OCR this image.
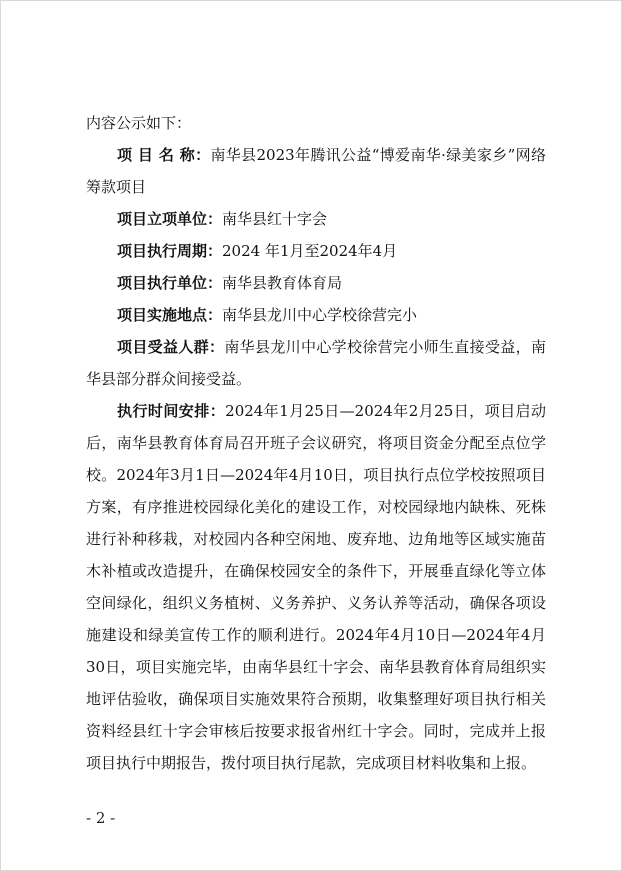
内容公示如下：

项 目 名 称：南华县2023年腾讯公益“博爱南华·绿美家乡”网络筹款项目

项目立项单位：南华县红十字会

项目执行周期：2024 年1月至2024年4月

项目执行单位：南华县教育体育局

项目实施地点：南华县龙川中心学校徐营完小

项目受益人群：南华县龙川中心学校徐营完小师生直接受益，南华县部分群众间接受益。

执行时间安排：2024年1月25日—2024年2月25日，项目启动后，南华县教育体育局召开班子会议研究，将项目资金分配至点位学校。2024年3月1日—2024年4月10日，项目执行点位学校按照项目方案，有序推进校园绿化美化的建设工作，对校园绿地内缺株、死株进行补种移栽，对校园内各种空闲地、废弃地、边角地等区域实施苗木补植或改造提升，在确保校园安全的条件下，开展垂直绿化等立体空间绿化，组织义务植树、义务养护、义务认养等活动，确保各项设施建设和绿美宣传工作的顺利进行。2024年4月10日—2024年4月30日，项目实施完毕，由南华县红十字会、南华县教育体育局组织实地评估验收，确保项目实施效果符合预期，收集整理好项目执行相关资料经县红十字会审核后按要求报省州红十字会。同时，完成并上报项目执行中期报告，拨付项目执行尾款，完成项目材料收集和上报。

- 2 -
